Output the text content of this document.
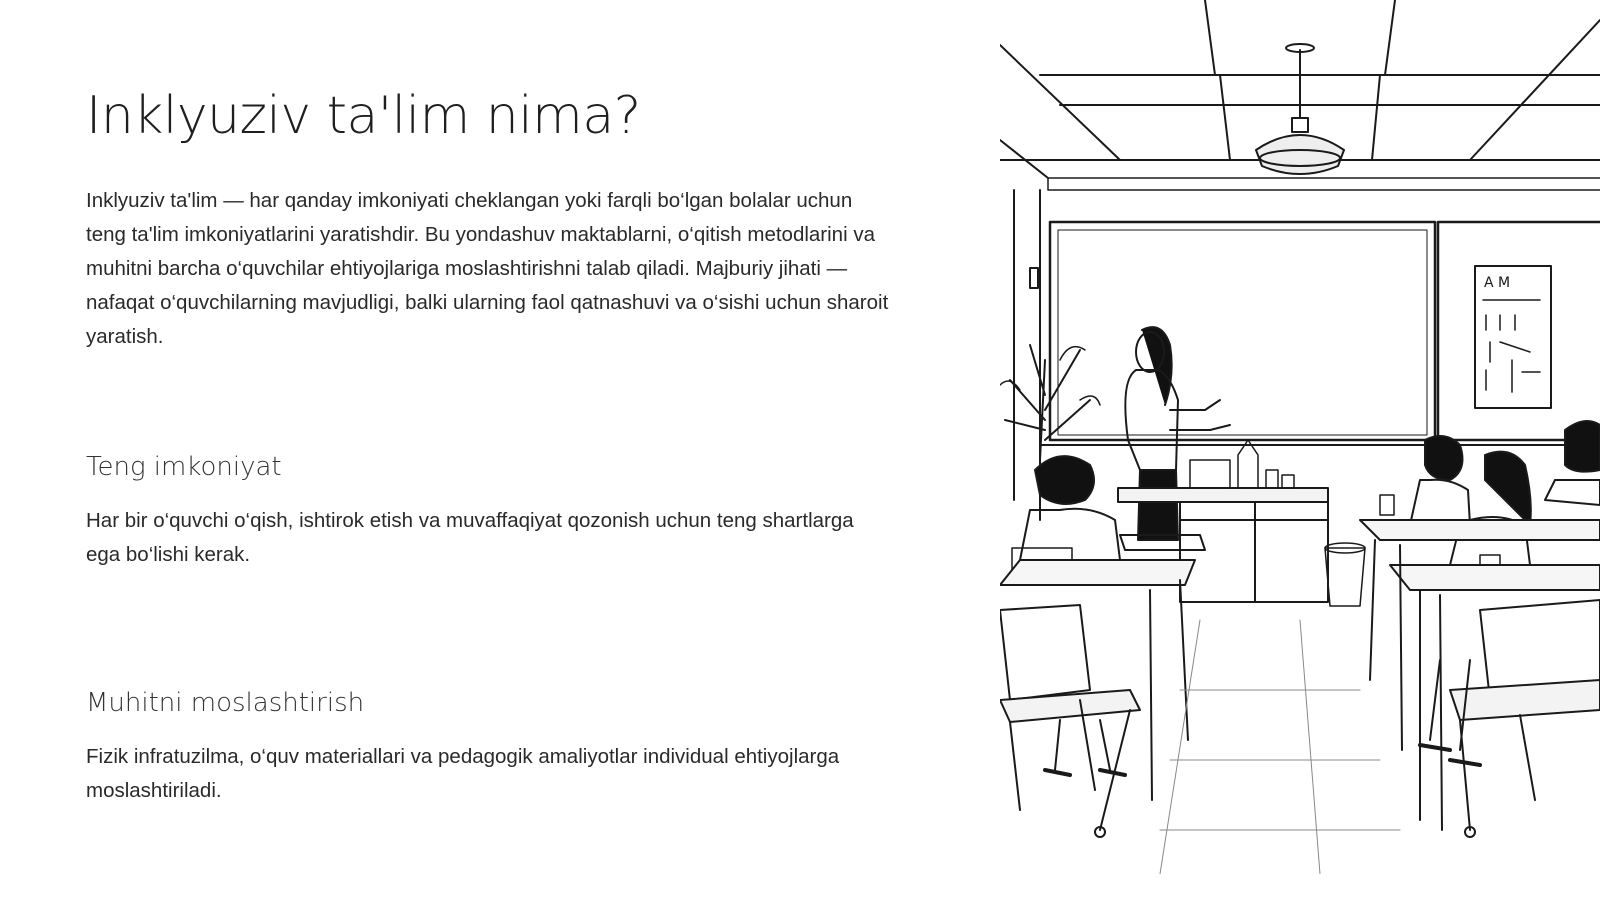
Inklyuziv ta'lim nima?

Inklyuziv ta'lim — har qanday imkoniyati cheklangan yoki farqli bo‘lgan bolalar uchun teng ta'lim imkoniyatlarini yaratishdir. Bu yondashuv maktablarni, o‘qitish metodlarini va muhitni barcha o‘quvchilar ehtiyojlariga moslashtirishni talab qiladi. Majburiy jihati — nafaqat o‘quvchilarning mavjudligi, balki ularning faol qatnashuvi va o‘sishi uchun sharoit yaratish.

Teng imkoniyat

Har bir o‘quvchi o‘qish, ishtirok etish va muvaffaqiyat qozonish uchun teng shartlarga ega bo‘lishi kerak.

Muhitni moslashtirish

Fizik infratuzilma, o‘quv materiallari va pedagogik amaliyotlar individual ehtiyojlarga moslashtiriladi.

A M
